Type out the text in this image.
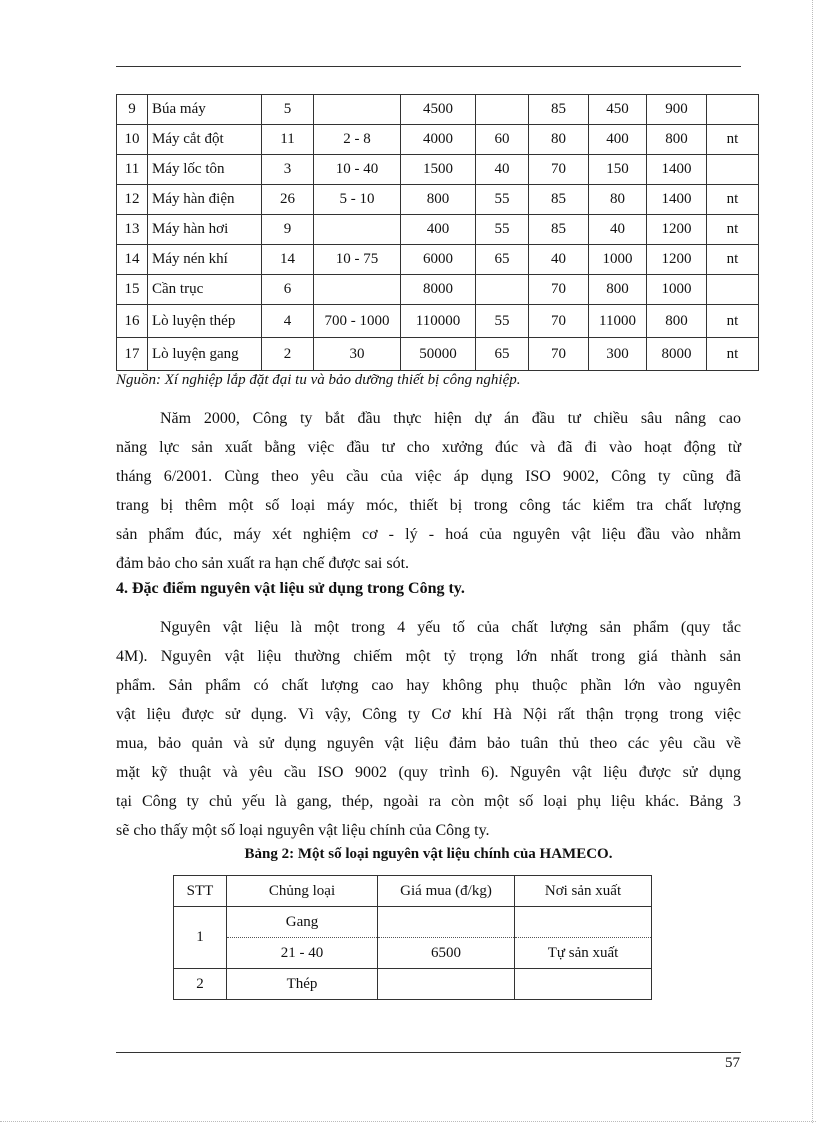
9	Búa máy	5		4500		85	450	900	
10	Máy cắt đột	11	2 - 8	4000	60	80	400	800	nt
11	Máy lốc tôn	3	10 - 40	1500	40	70	150	1400	
12	Máy hàn điện	26	5 - 10	800	55	85	80	1400	nt
13	Máy hàn hơi	9		400	55	85	40	1200	nt
14	Máy nén khí	14	10 - 75	6000	65	40	1000	1200	nt
15	Cần trục	6		8000		70	800	1000	
16	Lò luyện thép	4	700 - 1000	110000	55	70	11000	800	nt
17	Lò luyện gang	2	30	50000	65	70	300	8000	nt
Nguồn: Xí nghiệp lắp đặt đại tu và bảo dưỡng thiết bị công nghiệp.
Năm 2000, Công ty bắt đầu thực hiện dự án đầu tư chiều sâu nâng cao
năng lực sản xuất bằng việc đầu tư cho xưởng đúc và đã đi vào hoạt động từ
tháng 6/2001. Cùng theo yêu cầu của việc áp dụng ISO 9002, Công ty cũng đã
trang bị thêm một số loại máy móc, thiết bị trong công tác kiểm tra chất lượng
sản phẩm đúc, máy xét nghiệm cơ - lý - hoá của nguyên vật liệu đầu vào nhằm
đảm bảo cho sản xuất ra hạn chế được sai sót.
4. Đặc điểm nguyên vật liệu sử dụng trong Công ty.
Nguyên vật liệu là một trong 4 yếu tố của chất lượng sản phẩm (quy tắc
4M). Nguyên vật liệu thường chiếm một tỷ trọng lớn nhất trong giá thành sản
phẩm. Sản phẩm có chất lượng cao hay không phụ thuộc phần lớn vào nguyên
vật liệu được sử dụng. Vì vậy, Công ty Cơ khí Hà Nội rất thận trọng trong việc
mua, bảo quản và sử dụng nguyên vật liệu đảm bảo tuân thủ theo các yêu cầu về
mặt kỹ thuật và yêu cầu ISO 9002 (quy trình 6). Nguyên vật liệu được sử dụng
tại Công ty chủ yếu là gang, thép, ngoài ra còn một số loại phụ liệu khác. Bảng 3
sẽ cho thấy một số loại nguyên vật liệu chính của Công ty.
Bảng 2: Một số loại nguyên vật liệu chính của HAMECO.
STT	Chủng loại	Giá mua (đ/kg)	Nơi sản xuất
1	Gang		
	21 - 40	6500	Tự sản xuất
2	Thép		
57
